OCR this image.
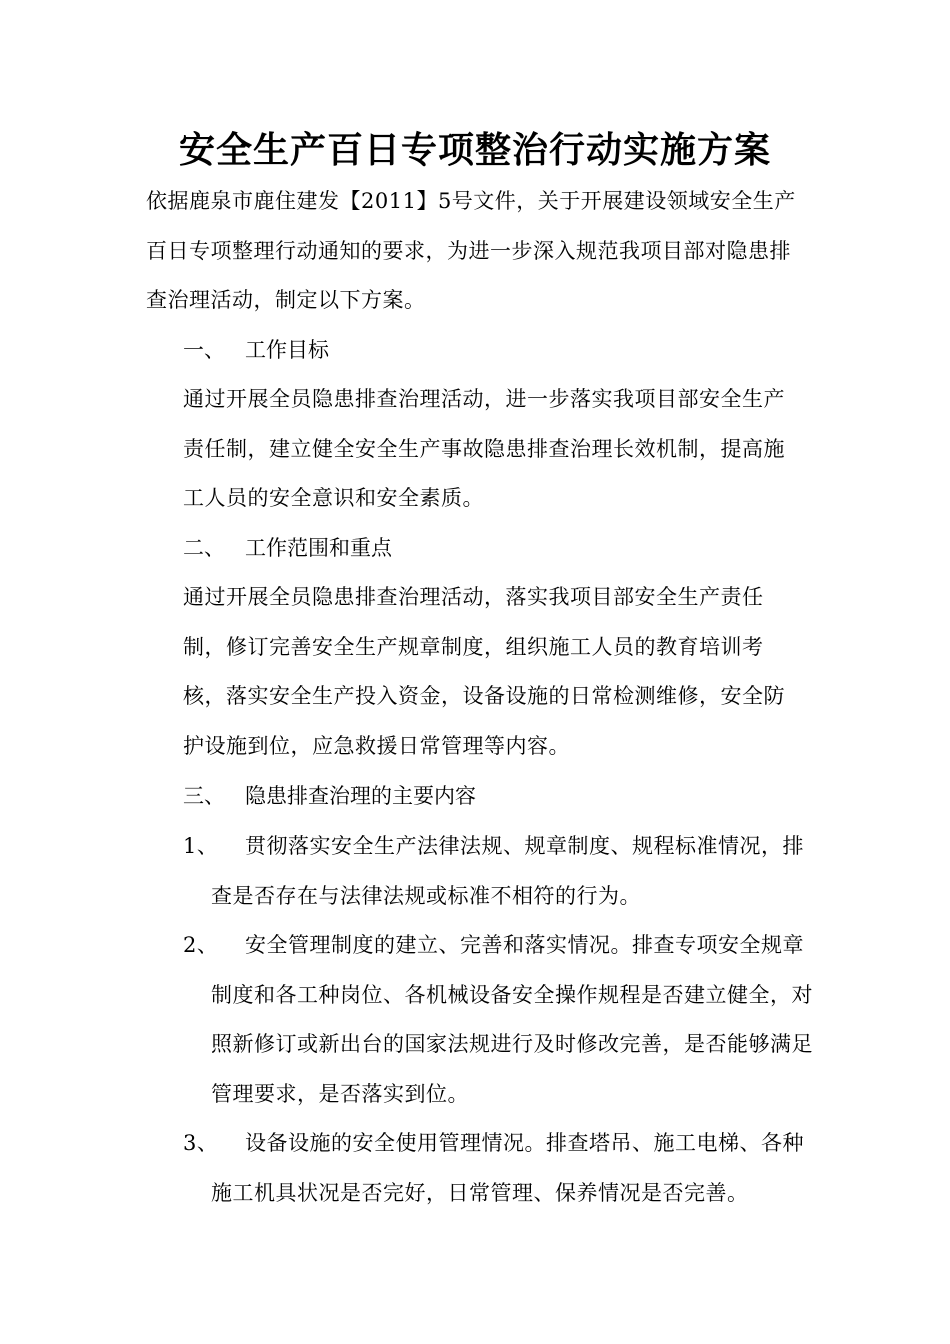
安全生产百日专项整治行动实施方案
依据鹿泉市鹿住建发【2011】5号文件，关于开展建设领域安全生产百日专项整理行动通知的要求，为进一步深入规范我项目部对隐患排查治理活动，制定以下方案。
一、 工作目标
通过开展全员隐患排查治理活动，进一步落实我项目部安全生产责任制，建立健全安全生产事故隐患排查治理长效机制，提高施工人员的安全意识和安全素质。
二、 工作范围和重点
通过开展全员隐患排查治理活动，落实我项目部安全生产责任制，修订完善安全生产规章制度，组织施工人员的教育培训考核，落实安全生产投入资金，设备设施的日常检测维修，安全防护设施到位，应急救援日常管理等内容。
三、 隐患排查治理的主要内容
1、	贯彻落实安全生产法律法规、规章制度、规程标准情况，排查是否存在与法律法规或标准不相符的行为。
2、	安全管理制度的建立、完善和落实情况。排查专项安全规章制度和各工种岗位、各机械设备安全操作规程是否建立健全，对照新修订或新出台的国家法规进行及时修改完善，是否能够满足管理要求，是否落实到位。
3、	设备设施的安全使用管理情况。排查塔吊、施工电梯、各种施工机具状况是否完好，日常管理、保养情况是否完善。
